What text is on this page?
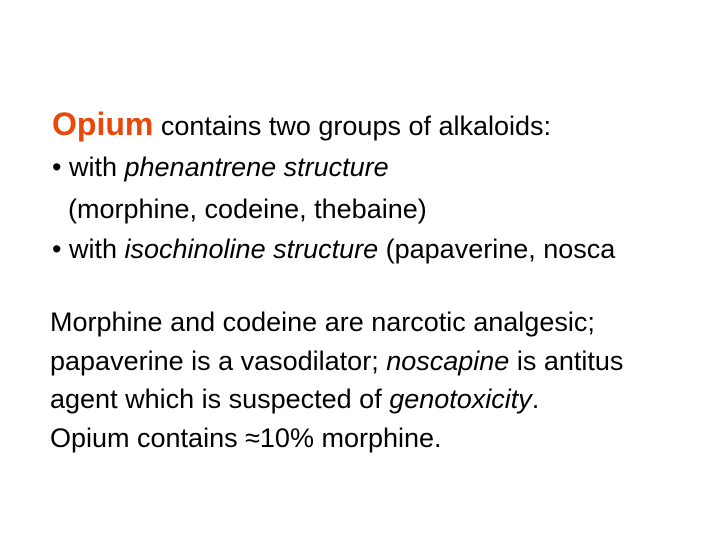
Opium contains two groups of alkaloids:
• with phenantrene structure
(morphine, codeine, thebaine)
• with isochinoline structure (papaverine, nosca
Morphine and codeine are narcotic analgesic;
papaverine is a vasodilator; noscapine is antitus
agent which is suspected of genotoxicity.
Opium contains ≈10% morphine.
